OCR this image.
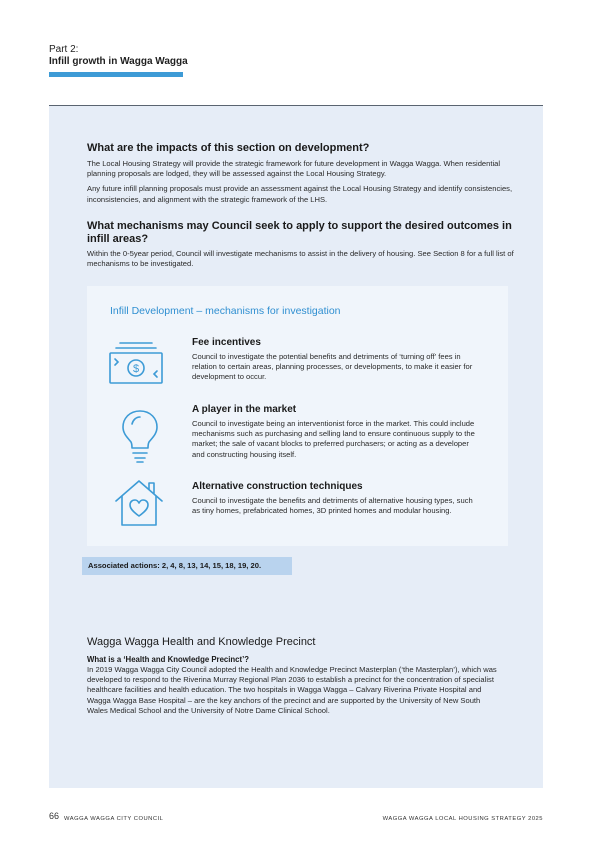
Part 2:
Infill growth in Wagga Wagga
What are the impacts of this section on development?

The Local Housing Strategy will provide the strategic framework for future development in Wagga Wagga. When residential planning proposals are lodged, they will be assessed against the Local Housing Strategy.

Any future infill planning proposals must provide an assessment against the Local Housing Strategy and identify consistencies, inconsistencies, and alignment with the strategic framework of the LHS.

What mechanisms may Council seek to apply to support the desired outcomes in infill areas?

Within the 0-5year period, Council will investigate mechanisms to assist in the delivery of housing. See Section 8 for a full list of mechanisms to be investigated.

Infill Development – mechanisms for investigation
$
Fee incentives

Council to investigate the potential benefits and detriments of ‘turning off’ fees in relation to certain areas, planning processes, or developments, to make it easier for development to occur.

A player in the market

Council to investigate being an interventionist force in the market. This could include mechanisms such as purchasing and selling land to ensure continuous supply to the market; the sale of vacant blocks to preferred purchasers; or acting as a developer and constructing housing itself.

Alternative construction techniques

Council to investigate the benefits and detriments of alternative housing types, such as tiny homes, prefabricated homes, 3D printed homes and modular housing.

Associated actions: 2, 4, 8, 13, 14, 15, 18, 19, 20.
Wagga Wagga Health and Knowledge Precinct
What is a ‘Health and Knowledge Precinct’?

In 2019 Wagga Wagga City Council adopted the Health and Knowledge Precinct Masterplan (‘the Masterplan’), which was developed to respond to the Riverina Murray Regional Plan 2036 to establish a precinct for the concentration of specialist healthcare facilities and health education. The two hospitals in Wagga Wagga – Calvary Riverina Private Hospital and Wagga Wagga Base Hospital – are the key anchors of the precinct and are supported by the University of New South Wales Medical School and the University of Notre Dame Clinical School.

66 WAGGA WAGGA CITY COUNCIL	WAGGA WAGGA LOCAL HOUSING STRATEGY 2025
